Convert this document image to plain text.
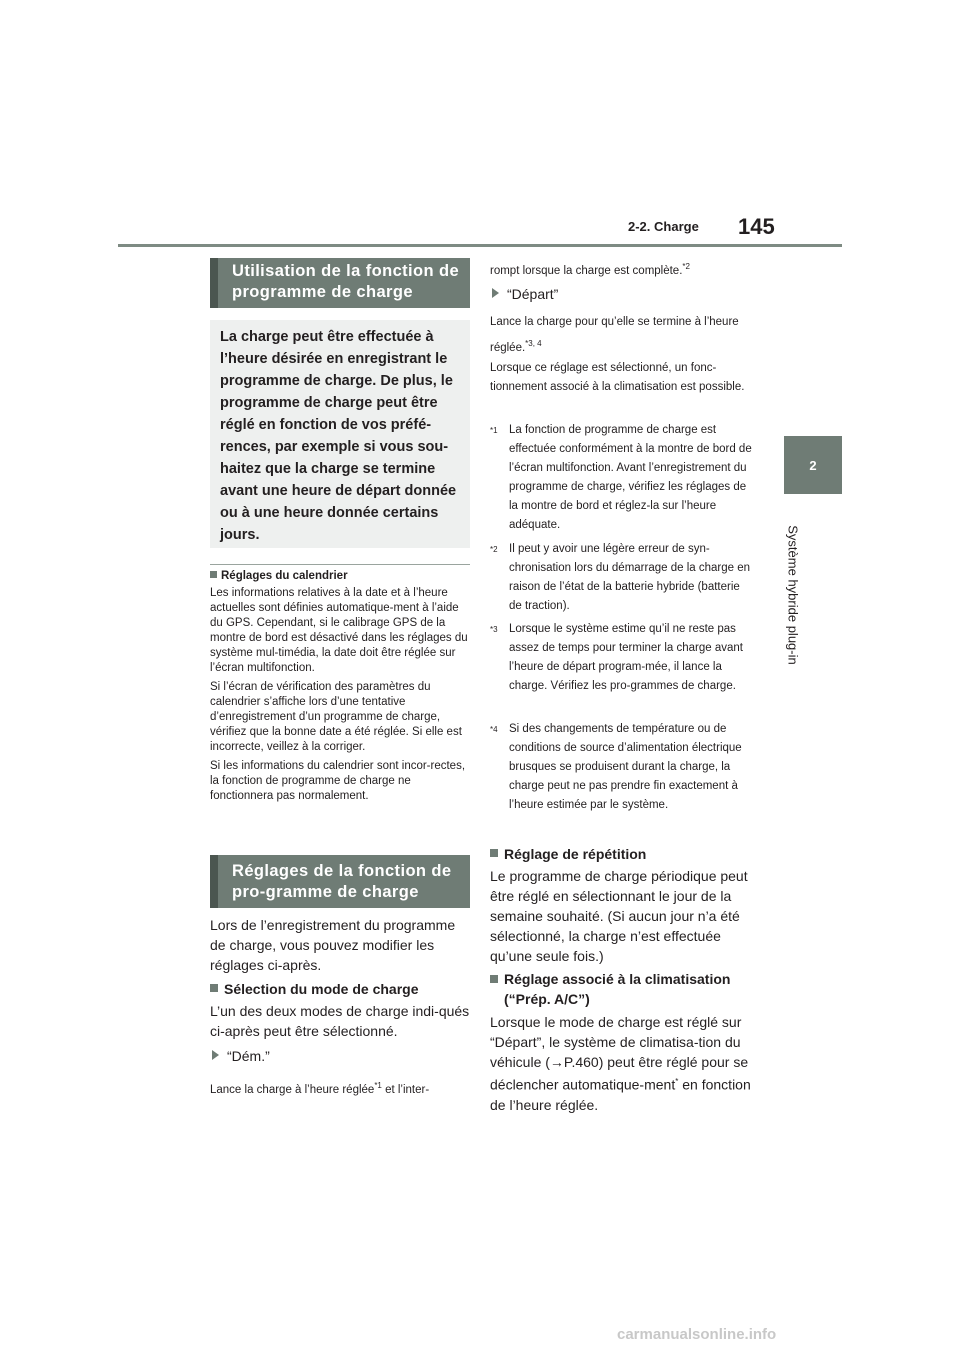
2-2. Charge 145
2
Système hybride plug-in
Utilisation de la fonction de programme de charge
La charge peut être effectuée à l’heure désirée en enregistrant le programme de charge. De plus, le programme de charge peut être réglé en fonction de vos préfé-rences, par exemple si vous sou-haitez que la charge se termine avant une heure de départ donnée ou à une heure donnée certains jours.
Réglages du calendrier
Les informations relatives à la date et à l’heure actuelles sont définies automatique-ment à l’aide du GPS. Cependant, si le calibrage GPS de la montre de bord est désactivé dans les réglages du système mul-timédia, la date doit être réglée sur l’écran multifonction.
Si l’écran de vérification des paramètres du calendrier s’affiche lors d’une tentative d’enregistrement d’un programme de charge, vérifiez que la bonne date a été réglée. Si elle est incorrecte, veillez à la corriger.
Si les informations du calendrier sont incor-rectes, la fonction de programme de charge ne fonctionnera pas normalement.
Réglages de la fonction de pro-gramme de charge
Lors de l’enregistrement du programme de charge, vous pouvez modifier les réglages ci-après.
Sélection du mode de charge
L’un des deux modes de charge indi-qués ci-après peut être sélectionné.
“Dém.”
Lance la charge à l’heure réglée$^{*1}$ et l’inter-
rompt lorsque la charge est complète.$^{*2}$
“Départ”
Lance la charge pour qu’elle se termine à l’heure réglée.$^{*3, 4}$
Lorsque ce réglage est sélectionné, un fonc-tionnement associé à la climatisation est possible.
*1 La fonction de programme de charge est effectuée conformément à la montre de bord de l’écran multifonction. Avant l’enregistrement du programme de charge, vérifiez les réglages de la montre de bord et réglez-la sur l’heure adéquate.
*2 Il peut y avoir une légère erreur de syn-chronisation lors du démarrage de la charge en raison de l’état de la batterie hybride (batterie de traction).
*3 Lorsque le système estime qu’il ne reste pas assez de temps pour terminer la charge avant l’heure de départ program-mée, il lance la charge. Vérifiez les pro-grammes de charge.
*4 Si des changements de température ou de conditions de source d’alimentation électrique brusques se produisent durant la charge, la charge peut ne pas prendre fin exactement à l’heure estimée par le système.
Réglage de répétition
Le programme de charge périodique peut être réglé en sélectionnant le jour de la semaine souhaité. (Si aucun jour n’a été sélectionné, la charge n’est effectuée qu’une seule fois.)
Réglage associé à la climatisation (“Prép. A/C”)
Lorsque le mode de charge est réglé sur “Départ”, le système de climatisa-tion du véhicule (→P.460) peut être réglé pour se déclencher automatique-ment* en fonction de l’heure réglée.
carmanualsonline.info
